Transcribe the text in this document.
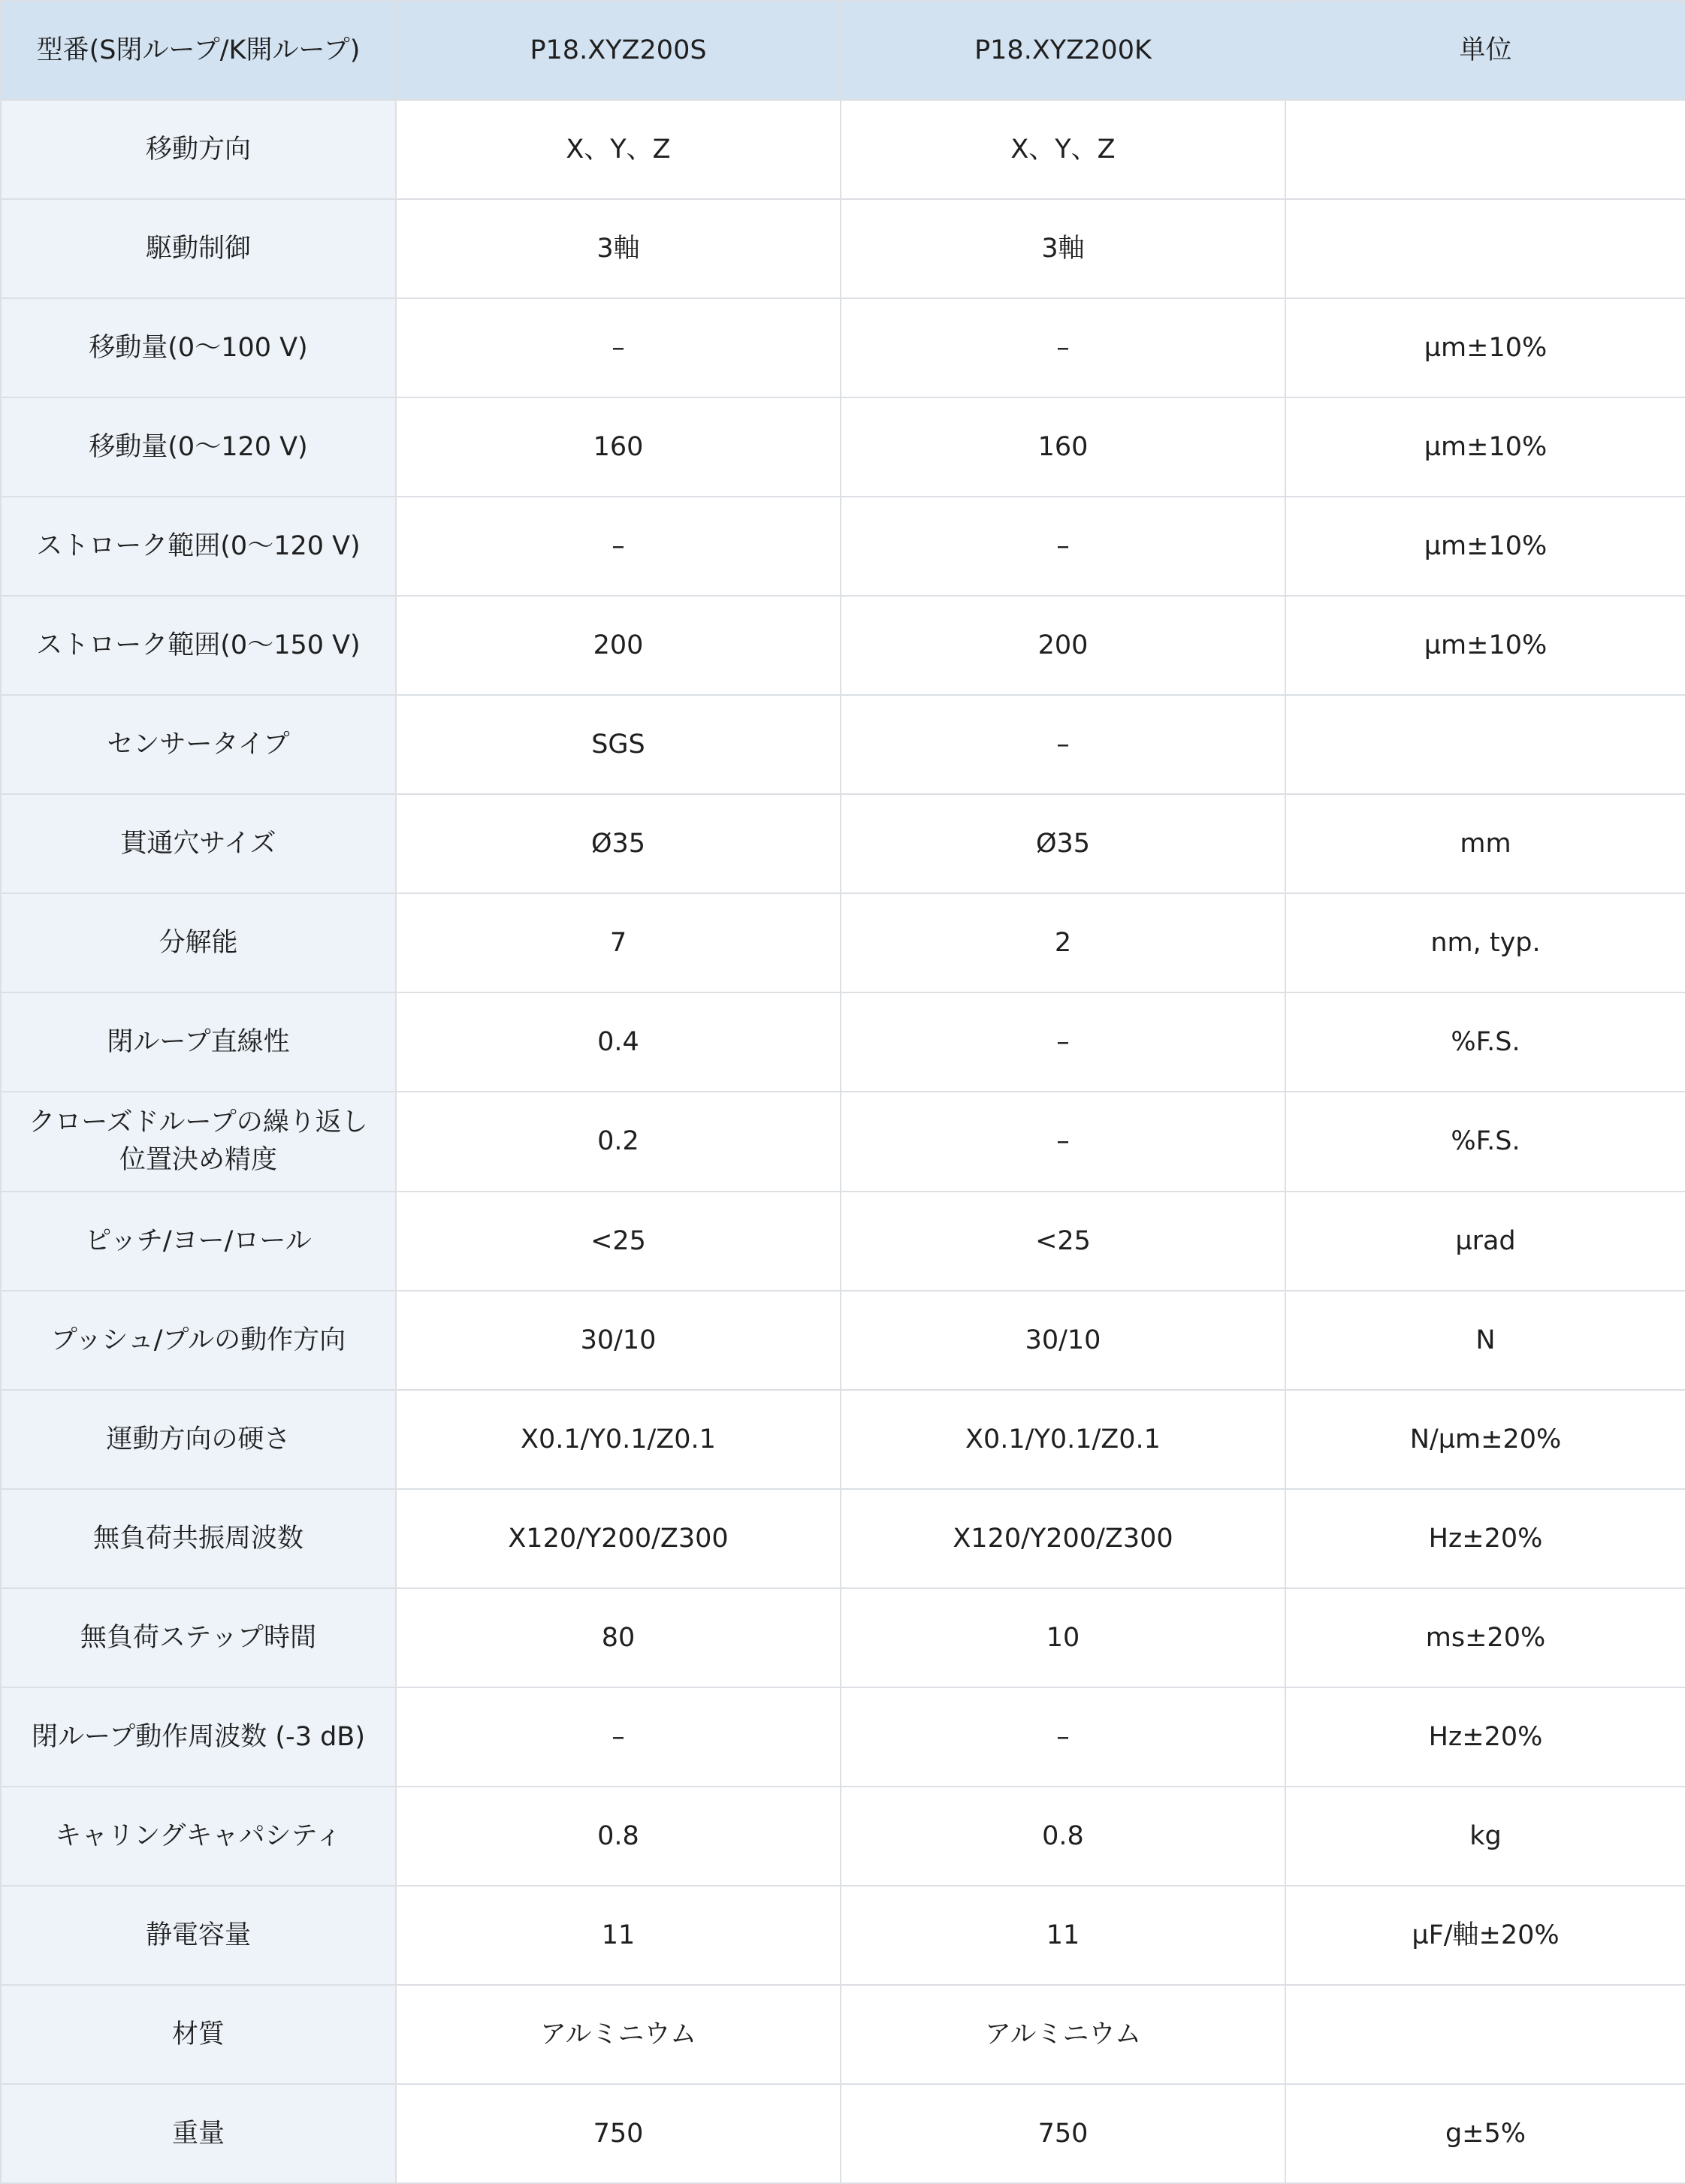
型番(S閉ループ/K開ループ)	P18.XYZ200S	P18.XYZ200K	単位
移動方向	X、Y、Z	X、Y、Z	
駆動制御	3軸	3軸	
移動量(0～100 V)	–	–	µm±10%
移動量(0～120 V)	160	160	µm±10%
ストローク範囲(0～120 V)	–	–	µm±10%
ストローク範囲(0～150 V)	200	200	µm±10%
センサータイプ	SGS	–	
貫通穴サイズ	Ø35	Ø35	mm
分解能	7	2	nm, typ.
閉ループ直線性	0.4	–	%F.S.
クローズドループの繰り返し位置決め精度	0.2	–	%F.S.
ピッチ/ヨー/ロール	<25	<25	µrad
プッシュ/プルの動作方向	30/10	30/10	N
運動方向の硬さ	X0.1/Y0.1/Z0.1	X0.1/Y0.1/Z0.1	N/µm±20%
無負荷共振周波数	X120/Y200/Z300	X120/Y200/Z300	Hz±20%
無負荷ステップ時間	80	10	ms±20%
閉ループ動作周波数 (-3 dB)	–	–	Hz±20%
キャリングキャパシティ	0.8	0.8	kg
静電容量	11	11	µF/軸±20%
材質	アルミニウム	アルミニウム	
重量	750	750	g±5%
